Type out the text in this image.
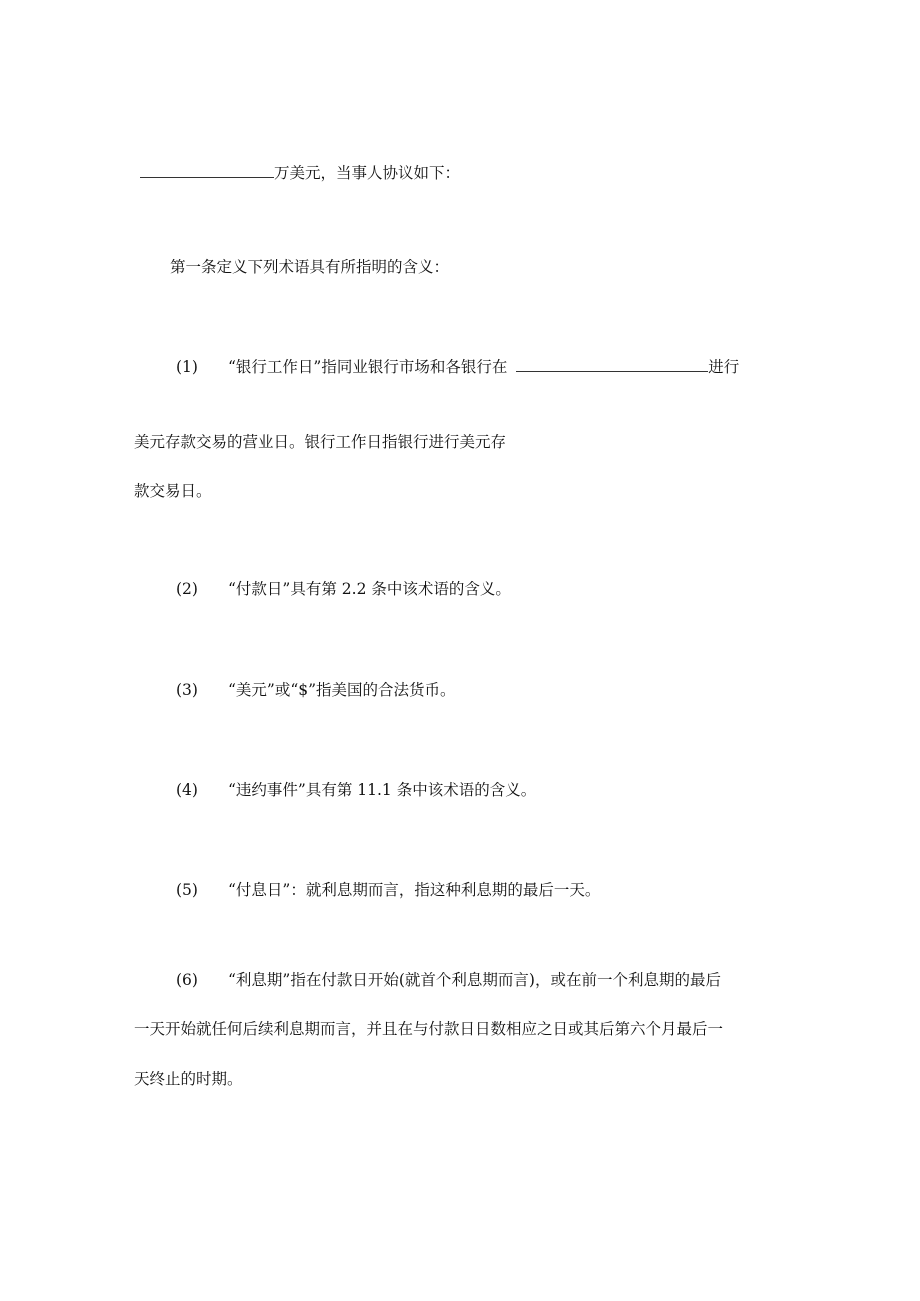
万美元，当事人协议如下：
第一条定义下列术语具有所指明的含义：
(1) “银行工作日”指同业银行市场和各银行在	进行
美元存款交易的营业日。银行工作日指银行进行美元存
款交易日。
(2) “付款日”具有第 2.2 条中该术语的含义。
(3) “美元”或“$”指美国的合法货币。
(4) “违约事件”具有第 11.1 条中该术语的含义。
(5) “付息日”：就利息期而言，指这种利息期的最后一天。
(6) “利息期”指在付款日开始(就首个利息期而言)，或在前一个利息期的最后
一天开始就任何后续利息期而言，并且在与付款日日数相应之日或其后第六个月最后一
天终止的时期。
